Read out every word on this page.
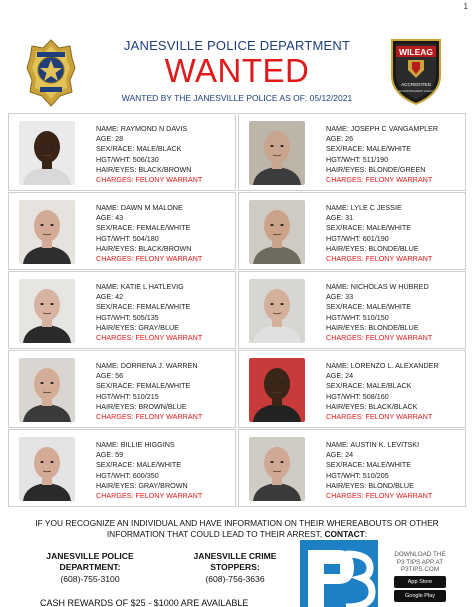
1
JANESVILLE POLICE DEPARTMENT
WANTED
WANTED BY THE JANESVILLE POLICE AS OF: 05/12/2021
WILEAG
ACCREDITED
LAW ENFORCEMENT AGENCY
NAME: RAYMOND N DAVIS
AGE: 28
SEX/RACE: MALE/BLACK
HGT/WHT: 506/130
HAIR/EYES: BLACK/BROWN
CHARGES: FELONY WARRANT
NAME: JOSEPH C VANGAMPLER
AGE: 26
SEX/RACE: MALE/WHITE
HGT/WHT: 511/190
HAIR/EYES: BLONDE/GREEN
CHARGES: FELONY WARRANT
NAME: DAWN M MALONE
AGE: 43
SEX/RACE: FEMALE/WHITE
HGT/WHT: 504/180
HAIR/EYES: BLACK/BROWN
CHARGES: FELONY WARRANT
NAME: LYLE C JESSIE
AGE: 31
SEX/RACE: MALE/WHITE
HGT/WHT: 601/190
HAIR/EYES: BLONDE/BLUE
CHARGES: FELONY WARRANT
NAME: KATIE L HATLEVIG
AGE: 42
SEX/RACE: FEMALE/WHITE
HGT/WHT: 505/135
HAIR/EYES: GRAY/BLUE
CHARGES: FELONY WARRANT
NAME: NICHOLAS W HUBRED
AGE: 33
SEX/RACE: MALE/WHITE
HGT/WHT: 510/150
HAIR/EYES: BLONDE/BLUE
CHARGES: FELONY WARRANT
NAME: DORRENA J. WARREN
AGE: 56
SEX/RACE: FEMALE/WHITE
HGT/WHT: 510/215
HAIR/EYES: BROWN/BLUE
CHARGES: FELONY WARRANT
NAME: LORENZO L. ALEXANDER
AGE: 24
SEX/RACE: MALE/BLACK
HGT/WHT: 508/160
HAIR/EYES: BLACK/BLACK
CHARGES: FELONY WARRANT
NAME: BILLIE HIGGINS
AGE: 59
SEX/RACE: MALE/WHITE
HGT/WHT: 600/350
HAIR/EYES: GRAY/BROWN
CHARGES: FELONY WARRANT
NAME: AUSTIN K. LEVITSKI
AGE: 24
SEX/RACE: MALE/WHITE
HGT/WHT: 510/205
HAIR/EYES: BLOND/BLUE
CHARGES: FELONY WARRANT
IF YOU RECOGNIZE AN INDIVIDUAL AND HAVE INFORMATION ON THEIR WHEREABOUTS OR OTHER
INFORMATION THAT COULD LEAD TO THEIR ARREST, CONTACT:
JANESVILLE POLICE
DEPARTMENT:
(608)-755-3100
JANESVILLE CRIME
STOPPERS:
(608)-756-3636
DOWNLOAD THE
P3 TIPS APP AT
P3TIPS.COM
App Store
Google Play
CASH REWARDS OF $25 - $1000 ARE AVAILABLE
